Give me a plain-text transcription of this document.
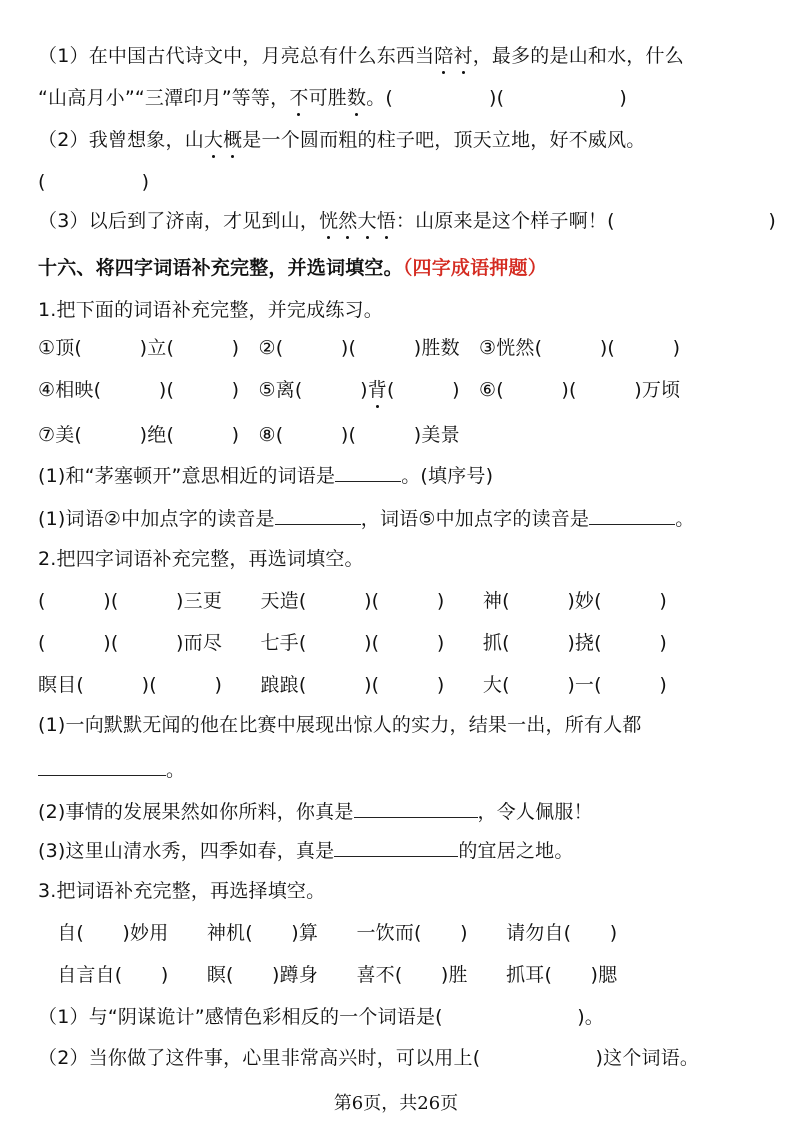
（1）在中国古代诗文中，月亮总有什么东西当陪衬，最多的是山和水，什么
“山高月小”“三潭印月”等等，不可胜数。(　　　　　)(　　　　　　)
（2）我曾想象，山大概是一个圆而粗的柱子吧，顶天立地，好不威风。
(　　　　　)
（3）以后到了济南，才见到山，恍然大悟：山原来是这个样子啊！(　　　　　　　　)
十六、将四字词语补充完整，并选词填空。（四字成语押题）
1.把下面的词语补充完整，并完成练习。
①顶(　　　)立(　　　)　②(　　　)(　　　)胜数　③恍然(　　　)(　　　)
④相映(　　　)(　　　)　⑤离(　　　)背(　　　)　⑥(　　　)(　　　)万顷
⑦美(　　　)绝(　　　)　⑧(　　　)(　　　)美景
(1)和“茅塞顿开”意思相近的词语是	。(填序号)
(1)词语②中加点字的读音是	，词语⑤中加点字的读音是	。
2.把四字词语补充完整，再选词填空。
(　　　)(　　　)三更　　天造(　　　)(　　　)　　神(　　　)妙(　　　)
(　　　)(　　　)而尽　　七手(　　　)(　　　)　　抓(　　　)挠(　　　)
瞑目(　　　)(　　　)　　踉踉(　　　)(　　　)　　大(　　　)一(　　　)
(1)一向默默无闻的他在比赛中展现出惊人的实力，结果一出，所有人都
。
(2)事情的发展果然如你所料，你真是	，令人佩服！
(3)这里山清水秀，四季如春，真是	的宜居之地。
3.把词语补充完整，再选择填空。
　自(　　)妙用　　神机(　　)算　　一饮而(　　)　　请勿自(　　)
　自言自(　　)　　瞑(　　)蹲身　　喜不(　　)胜　　抓耳(　　)腮
（1）与“阴谋诡计”感情色彩相反的一个词语是(　　　　　　　)。
（2）当你做了这件事，心里非常高兴时，可以用上(　　　　　　)这个词语。
第6页，共26页
